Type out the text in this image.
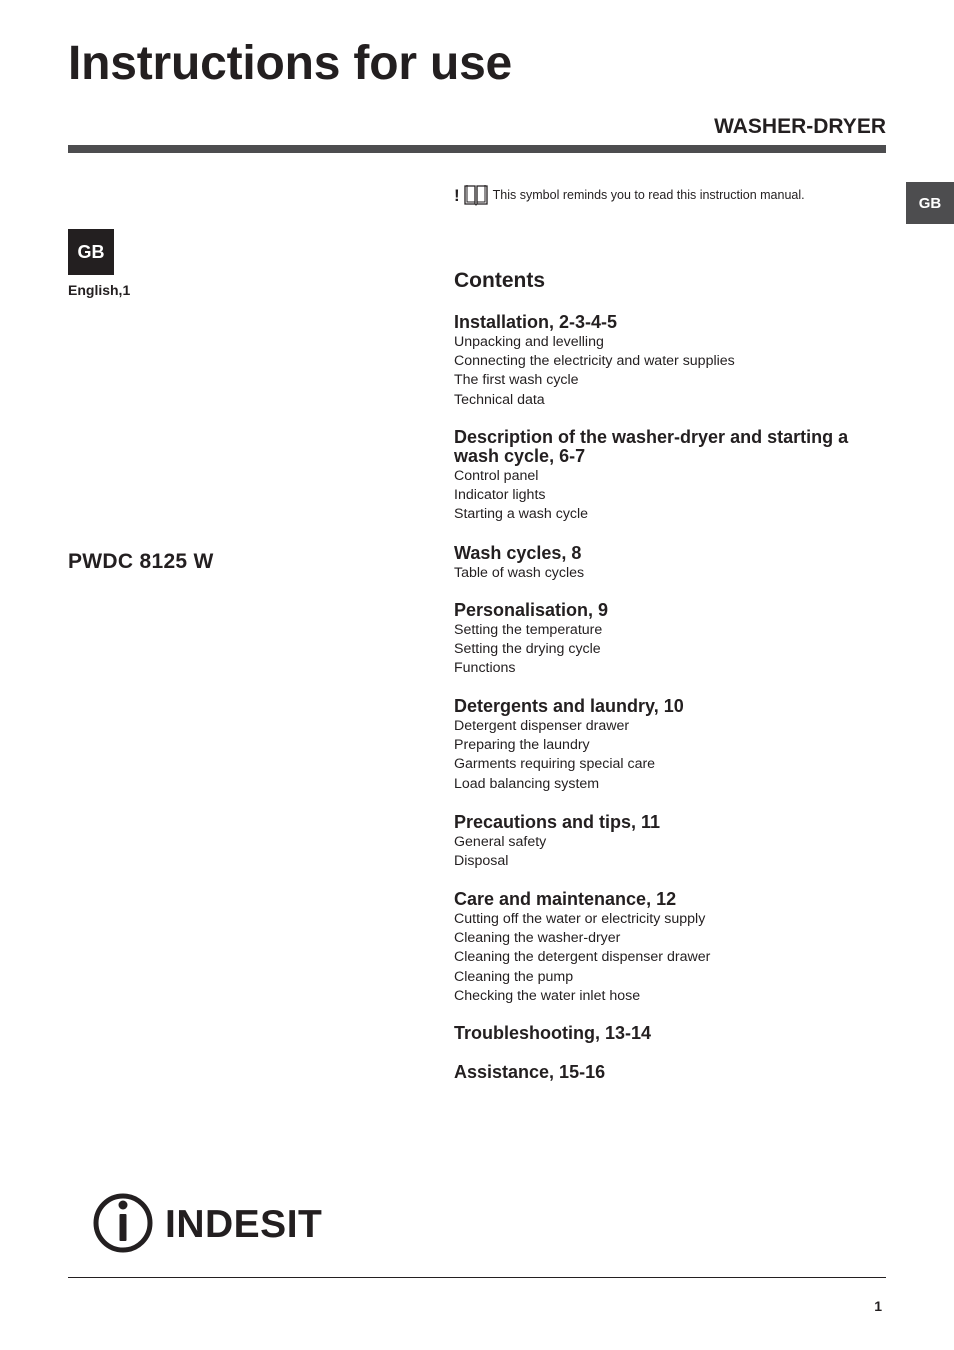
Instructions for use
WASHER-DRYER
!	This symbol reminds you to read this instruction manual.	GB
GB
English,1
PWDC 8125 W
Contents
Installation, 2-3-4-5
Unpacking and levelling
Connecting the electricity and water supplies
The first wash cycle
Technical data
Description of the washer-dryer and starting a wash cycle, 6-7
Control panel
Indicator lights
Starting a wash cycle
Wash cycles, 8
Table of wash cycles
Personalisation, 9
Setting the temperature
Setting the drying cycle
Functions
Detergents and laundry, 10
Detergent dispenser drawer
Preparing the laundry
Garments requiring special care
Load balancing system
Precautions and tips, 11
General safety
Disposal
Care and maintenance, 12
Cutting off the water or electricity supply
Cleaning the washer-dryer
Cleaning the detergent dispenser drawer
Cleaning the pump
Checking the water inlet hose
Troubleshooting, 13-14
Assistance, 15-16
INDESIT
1
